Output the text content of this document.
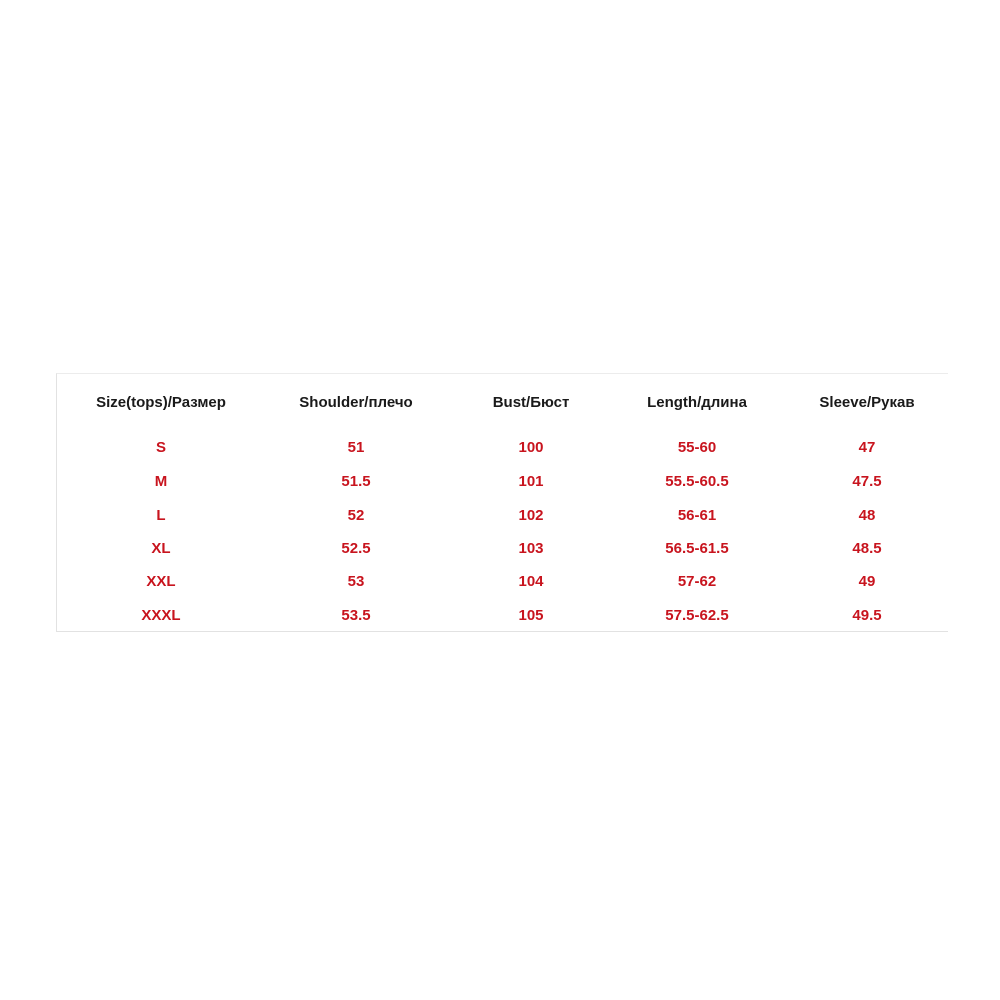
Size(tops)/Размер	Shoulder/плечо	Bust/Бюст	Length/длина	Sleeve/Рукав
S	51	100	55-60	47
M	51.5	101	55.5-60.5	47.5
L	52	102	56-61	48
XL	52.5	103	56.5-61.5	48.5
XXL	53	104	57-62	49
XXXL	53.5	105	57.5-62.5	49.5
